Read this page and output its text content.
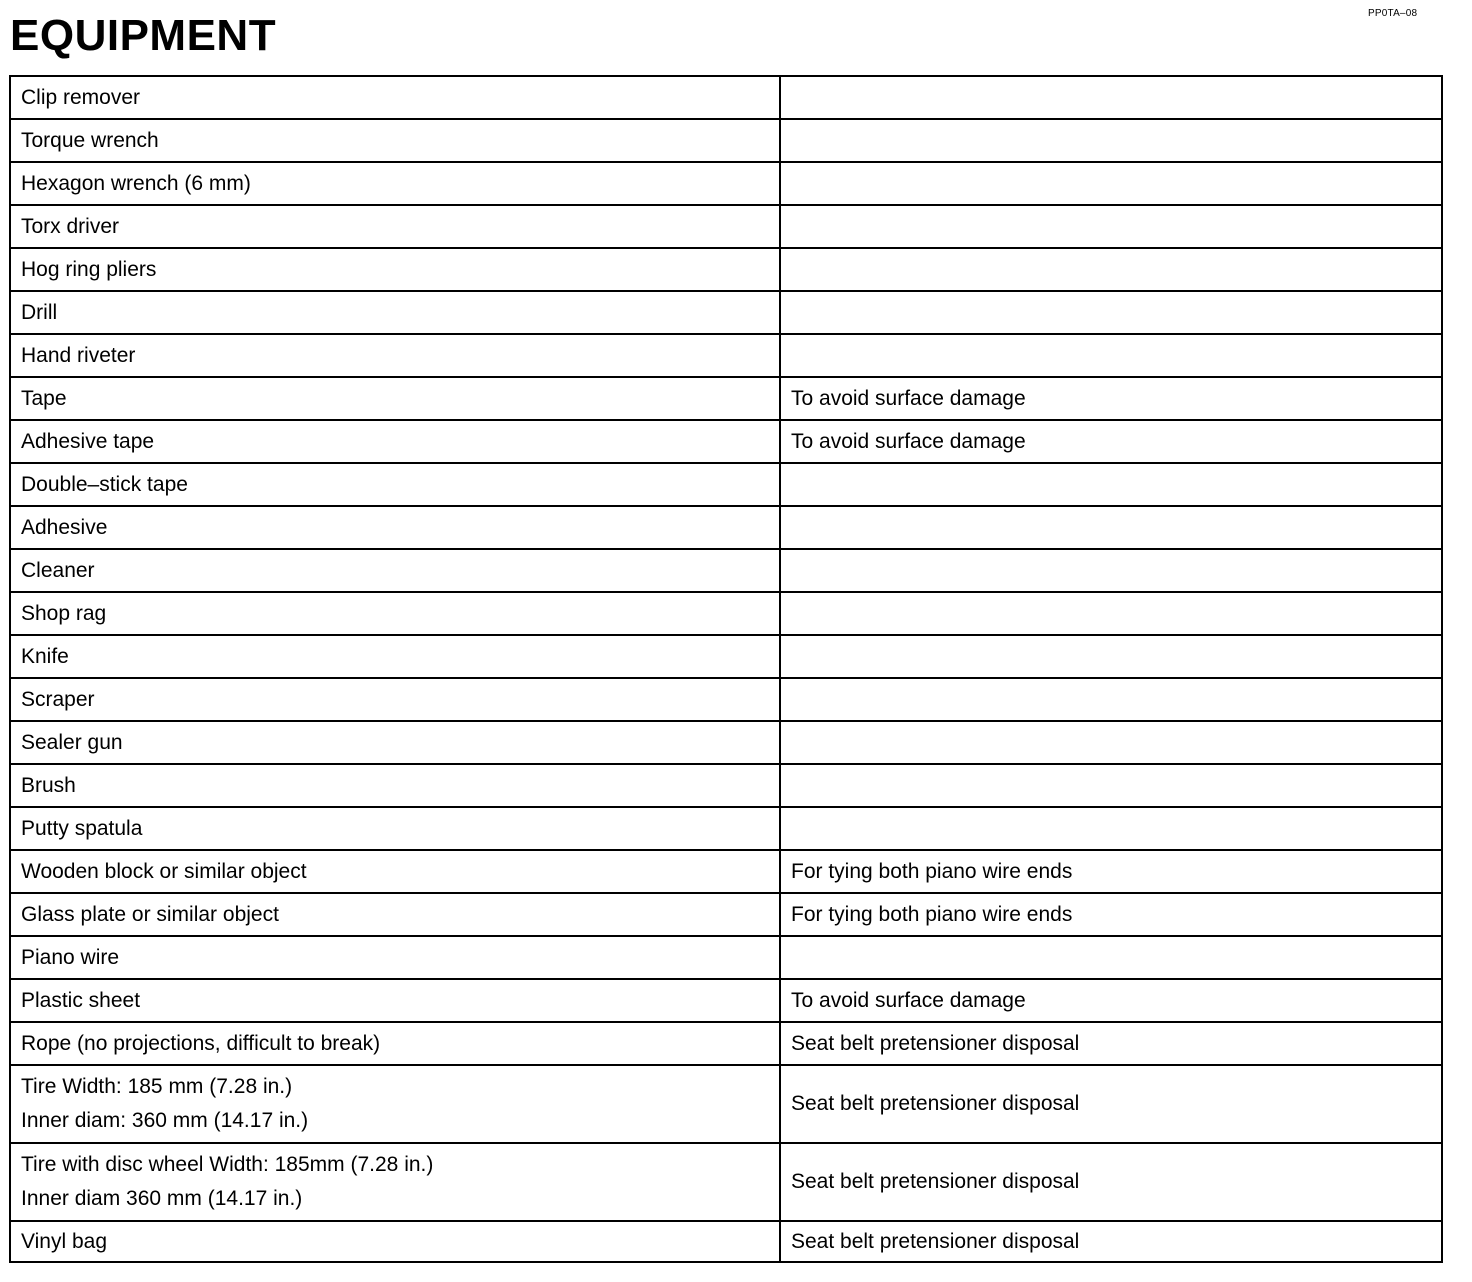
PP0TA–08
EQUIPMENT
Clip remover	
Torque wrench	
Hexagon wrench (6 mm)	
Torx driver	
Hog ring pliers	
Drill	
Hand riveter	
Tape	To avoid surface damage
Adhesive tape	To avoid surface damage
Double–stick tape	
Adhesive	
Cleaner	
Shop rag	
Knife	
Scraper	
Sealer gun	
Brush	
Putty spatula	
Wooden block or similar object	For tying both piano wire ends
Glass plate or similar object	For tying both piano wire ends
Piano wire	
Plastic sheet	To avoid surface damage
Rope (no projections, difficult to break)	Seat belt pretensioner disposal
Tire Width: 185 mm (7.28 in.)
Inner diam: 360 mm (14.17 in.)	Seat belt pretensioner disposal
Tire with disc wheel Width: 185mm (7.28 in.)
Inner diam 360 mm (14.17 in.)	Seat belt pretensioner disposal
Vinyl bag	Seat belt pretensioner disposal
